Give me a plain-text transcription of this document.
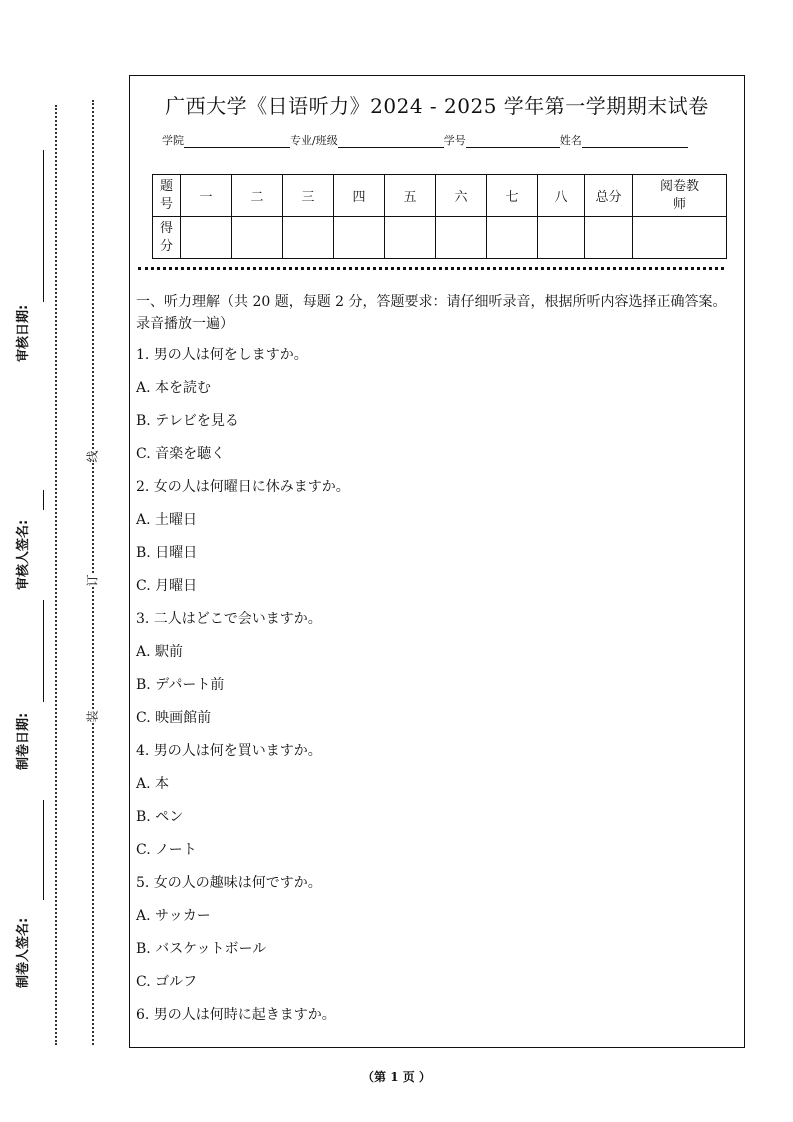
审核日期:
审核人签名:
制卷日期:
制卷人签名:
线
订
装
广西大学《日语听力》2024 - 2025 学年第一学期期末试卷
学院	专业/班级	学号	姓名
题号	一	二	三	四	五	六	七	八	总分	阅卷教师
得分										

一、听力理解（共 20 题，每题 2 分，答题要求：请仔细听录音，根据所听内容选择正确答案。录音播放一遍）

1. 男の人は何をしますか。
A. 本を読む
B. テレビを見る
C. 音楽を聴く
2. 女の人は何曜日に休みますか。
A. 土曜日
B. 日曜日
C. 月曜日
3. 二人はどこで会いますか。
A. 駅前
B. デパート前
C. 映画館前
4. 男の人は何を買いますか。
A. 本
B. ペン
C. ノート
5. 女の人の趣味は何ですか。
A. サッカー
B. バスケットボール
C. ゴルフ
6. 男の人は何時に起きますか。
（第 1 页 ）
